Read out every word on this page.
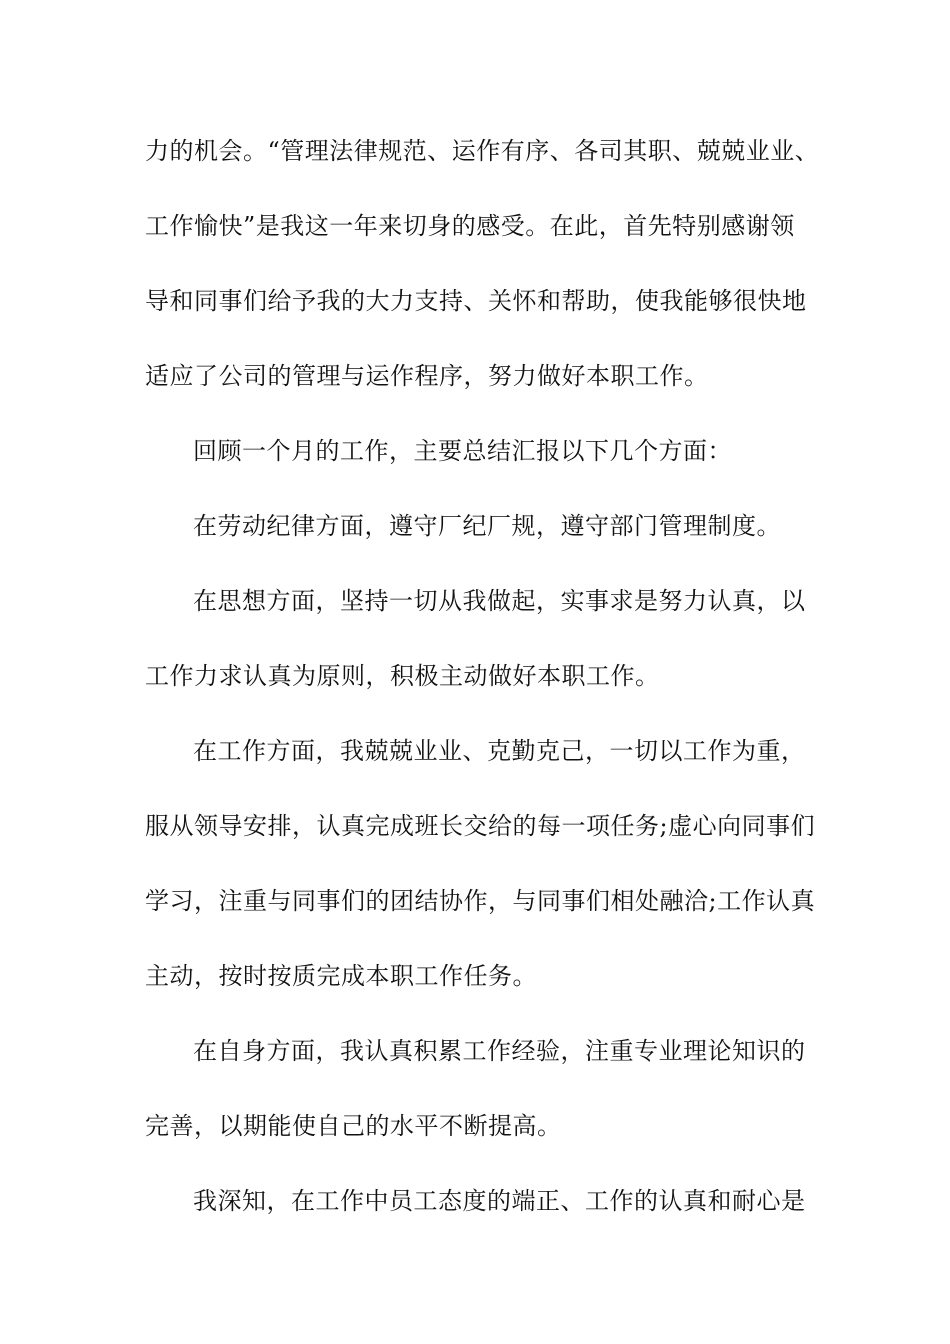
力的机会。“管理法律规范、运作有序、各司其职、兢兢业业、
工作愉快”是我这一年来切身的感受。在此，首先特别感谢领
导和同事们给予我的大力支持、关怀和帮助，使我能够很快地
适应了公司的管理与运作程序，努力做好本职工作。
回顾一个月的工作，主要总结汇报以下几个方面：
在劳动纪律方面，遵守厂纪厂规，遵守部门管理制度。
在思想方面，坚持一切从我做起，实事求是努力认真，以
工作力求认真为原则，积极主动做好本职工作。
在工作方面，我兢兢业业、克勤克己，一切以工作为重，
服从领导安排，认真完成班长交给的每一项任务;虚心向同事们
学习，注重与同事们的团结协作，与同事们相处融洽;工作认真
主动，按时按质完成本职工作任务。
在自身方面，我认真积累工作经验，注重专业理论知识的
完善，以期能使自己的水平不断提高。
我深知，在工作中员工态度的端正、工作的认真和耐心是
